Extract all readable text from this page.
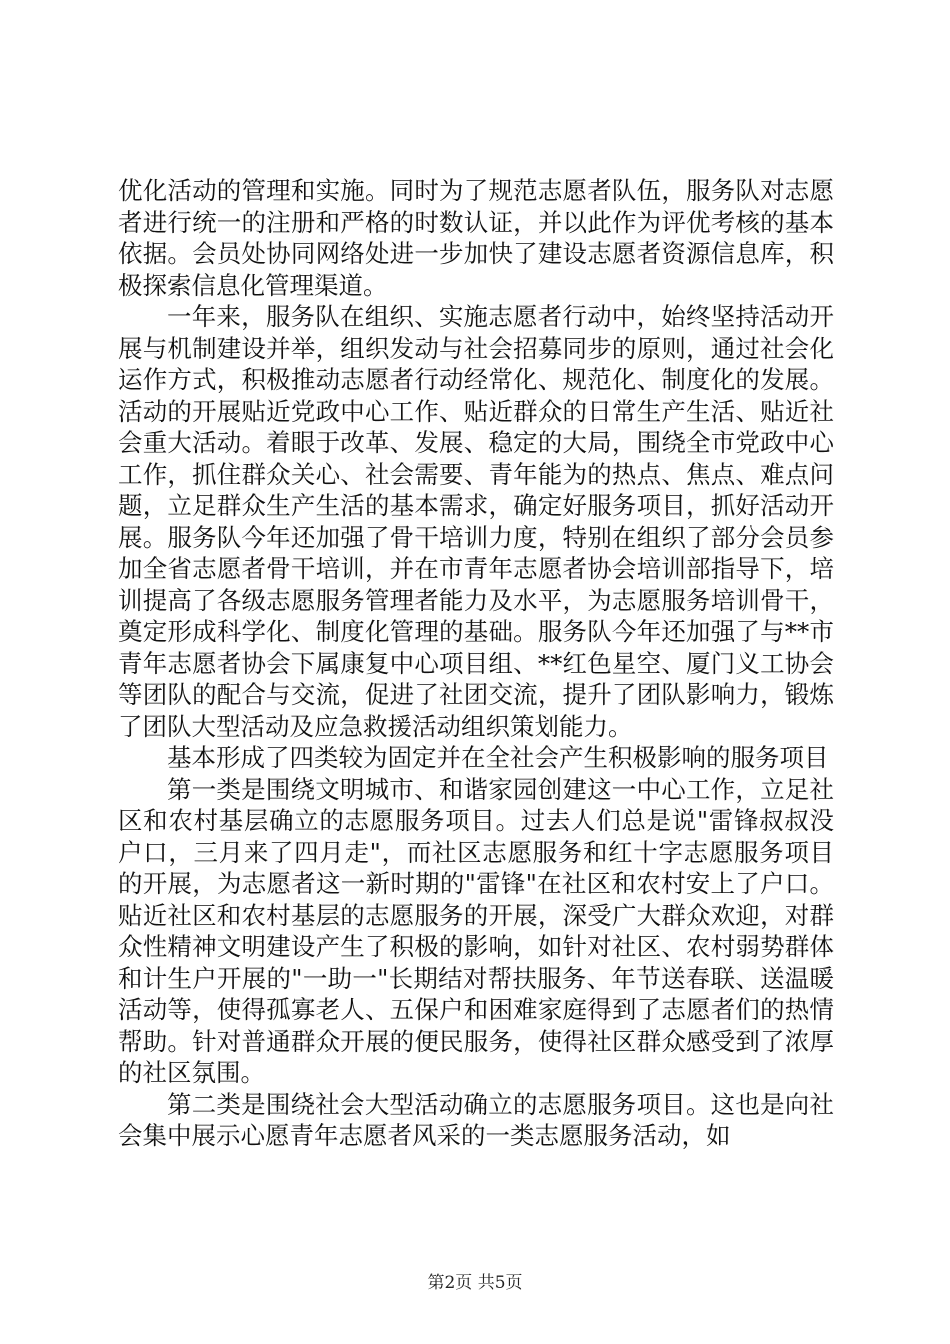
优化活动的管理和实施。同时为了规范志愿者队伍，服务队对志愿者进行统一的注册和严格的时数认证，并以此作为评优考核的基本依据。会员处协同网络处进一步加快了建设志愿者资源信息库，积极探索信息化管理渠道。

一年来，服务队在组织、实施志愿者行动中，始终坚持活动开展与机制建设并举，组织发动与社会招募同步的原则，通过社会化运作方式，积极推动志愿者行动经常化、规范化、制度化的发展。活动的开展贴近党政中心工作、贴近群众的日常生产生活、贴近社会重大活动。着眼于改革、发展、稳定的大局，围绕全市党政中心工作，抓住群众关心、社会需要、青年能为的热点、焦点、难点问题，立足群众生产生活的基本需求，确定好服务项目，抓好活动开展。服务队今年还加强了骨干培训力度，特别在组织了部分会员参加全省志愿者骨干培训，并在市青年志愿者协会培训部指导下，培训提高了各级志愿服务管理者能力及水平，为志愿服务培训骨干，奠定形成科学化、制度化管理的基础。服务队今年还加强了与**市青年志愿者协会下属康复中心项目组、**红色星空、厦门义工协会等团队的配合与交流，促进了社团交流，提升了团队影响力，锻炼了团队大型活动及应急救援活动组织策划能力。

基本形成了四类较为固定并在全社会产生积极影响的服务项目

第一类是围绕文明城市、和谐家园创建这一中心工作，立足社区和农村基层确立的志愿服务项目。过去人们总是说"雷锋叔叔没户口，三月来了四月走"，而社区志愿服务和红十字志愿服务项目的开展，为志愿者这一新时期的"雷锋"在社区和农村安上了户口。贴近社区和农村基层的志愿服务的开展，深受广大群众欢迎，对群众性精神文明建设产生了积极的影响，如针对社区、农村弱势群体和计生户开展的"一助一"长期结对帮扶服务、年节送春联、送温暖活动等，使得孤寡老人、五保户和困难家庭得到了志愿者们的热情帮助。针对普通群众开展的便民服务，使得社区群众感受到了浓厚的社区氛围。

第二类是围绕社会大型活动确立的志愿服务项目。这也是向社会集中展示心愿青年志愿者风采的一类志愿服务活动，如

第2页 共5页
